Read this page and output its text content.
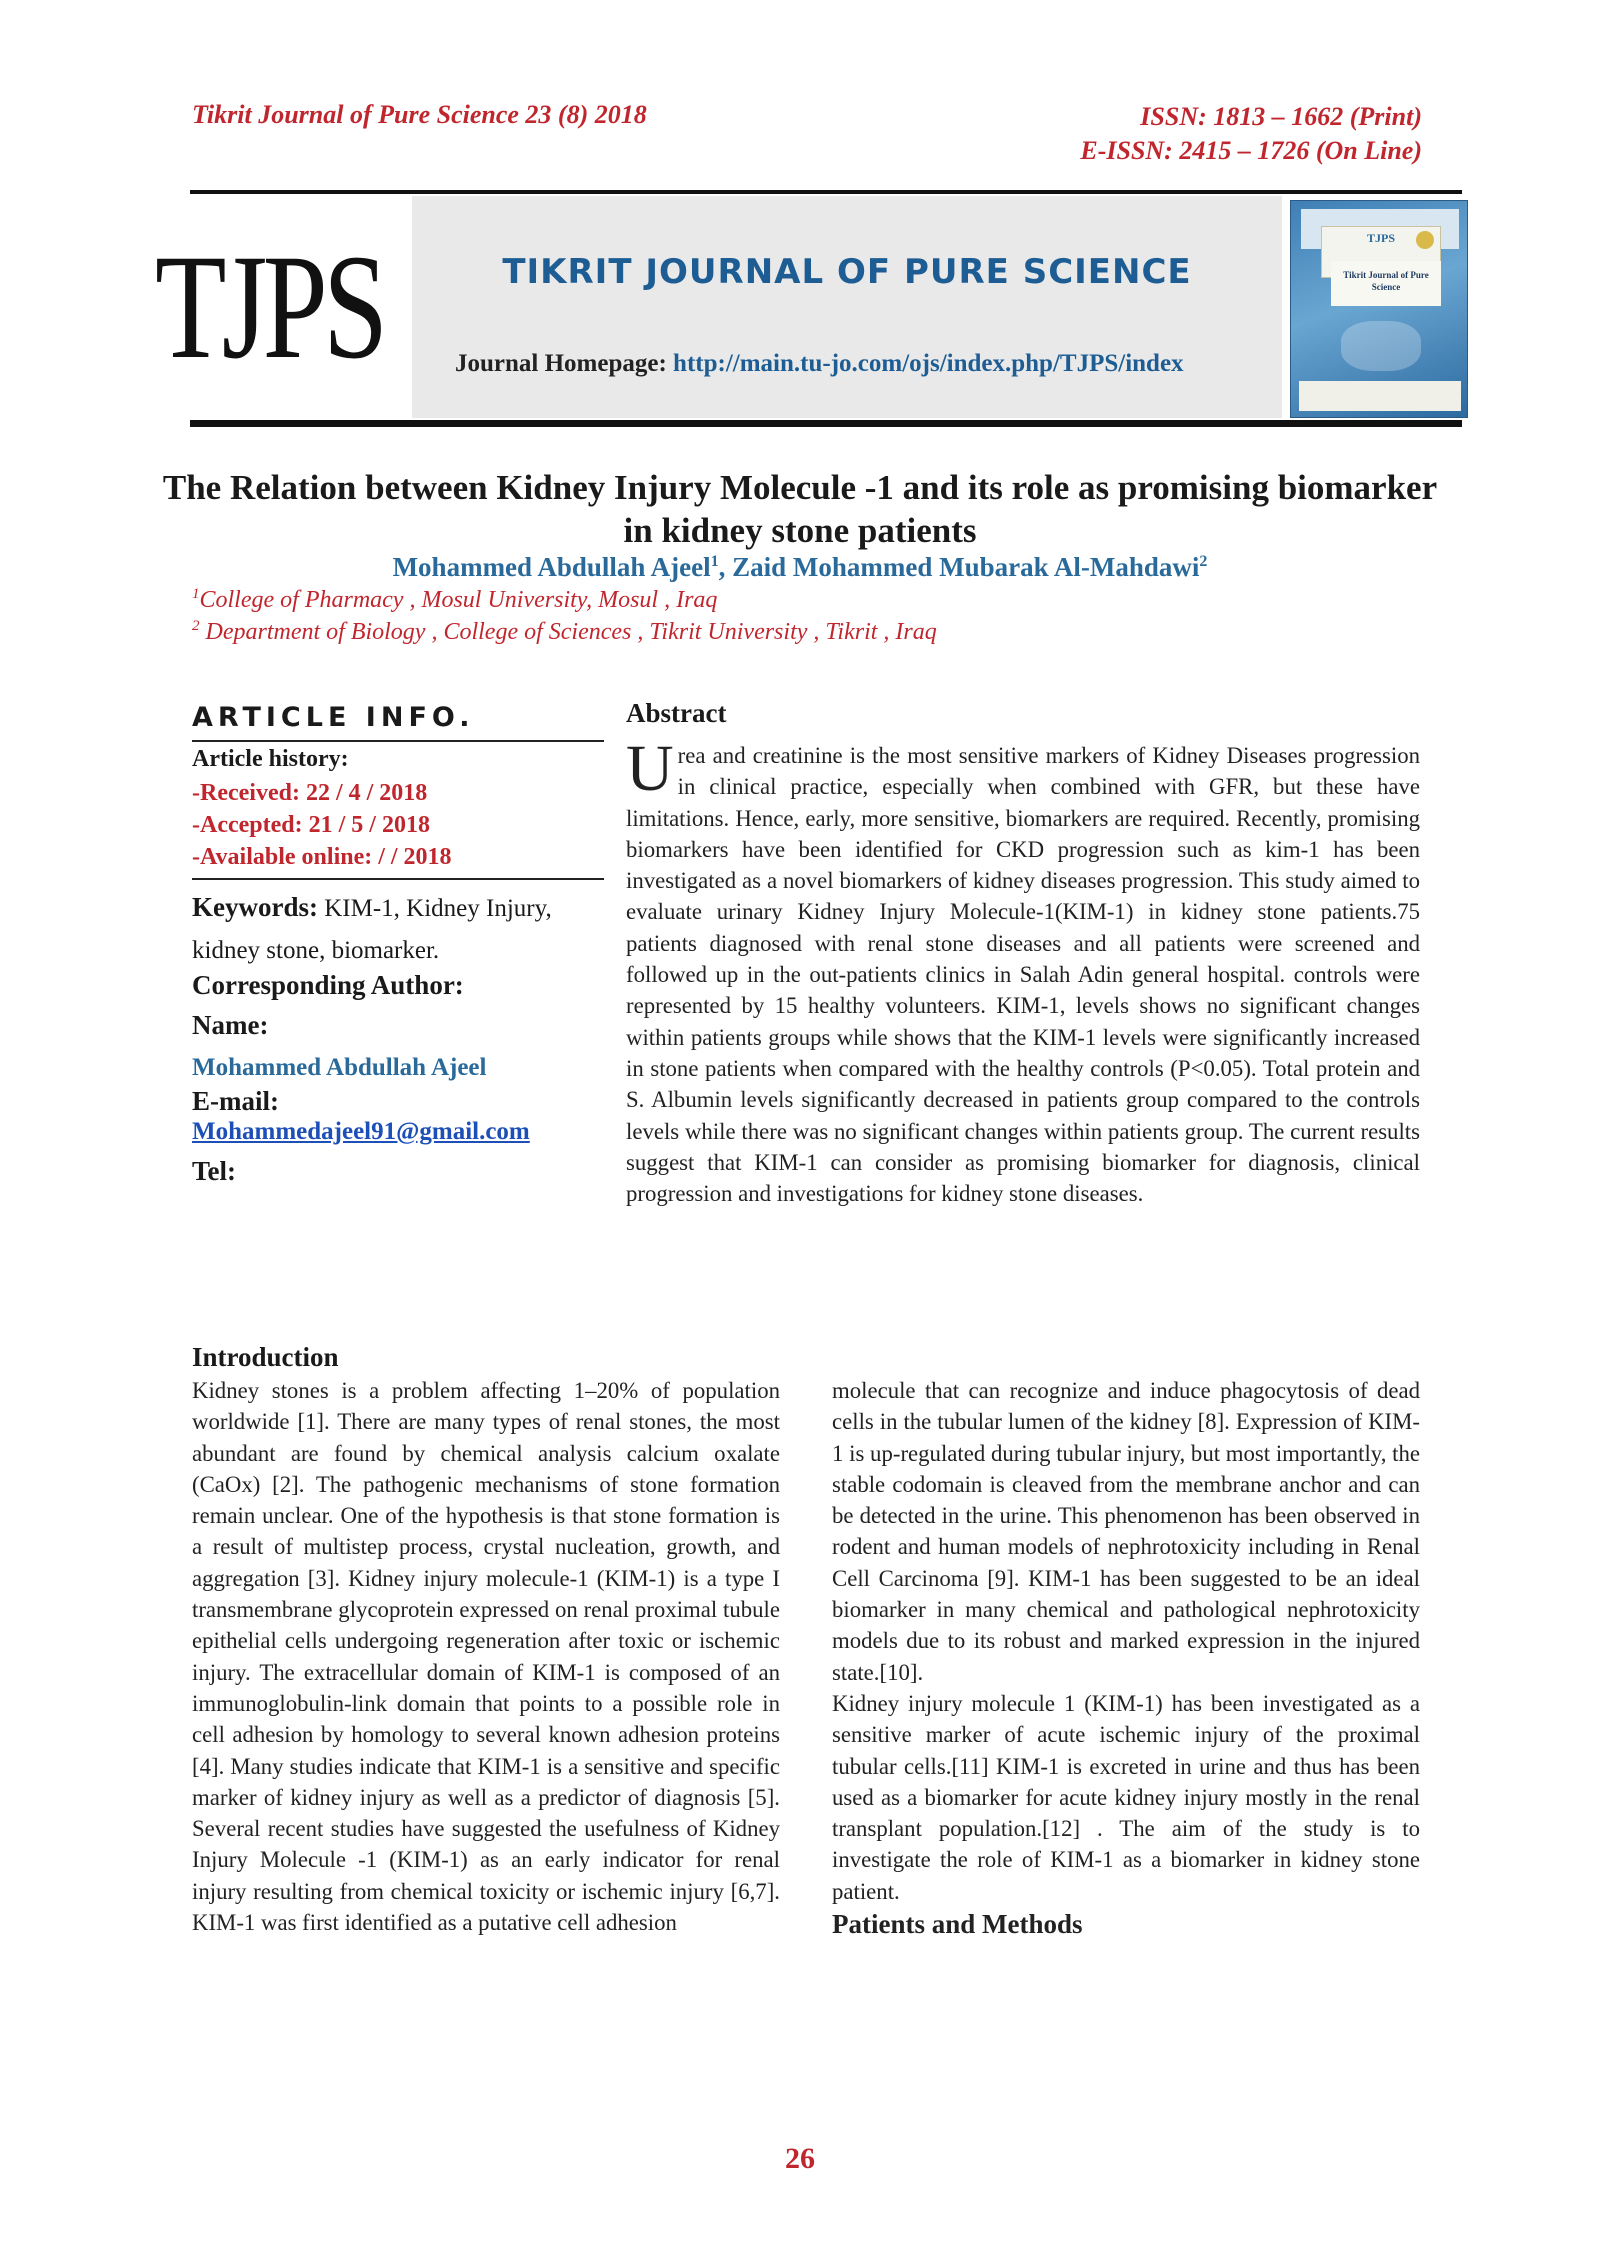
Tikrit Journal of Pure Science 23 (8) 2018	ISSN: 1813 – 1662 (Print)
E-ISSN: 2415 – 1726 (On Line)
TJPS	TIKRIT JOURNAL OF PURE SCIENCE
Journal Homepage: http://main.tu-jo.com/ojs/index.php/TJPS/index
TJPS
Tikrit Journal of Pure Science
The Relation between Kidney Injury Molecule -1 and its role as promising biomarker in kidney stone patients
Mohammed Abdullah Ajeel$^1$, Zaid Mohammed Mubarak Al-Mahdawi$^2$
$^1$College of Pharmacy , Mosul University, Mosul , Iraq
$^2$ Department of Biology , College of Sciences , Tikrit University , Tikrit , Iraq
ARTICLE INFO.
Article history:
-Received: 22 / 4 / 2018
-Accepted: 21 / 5 / 2018
-Available online: / / 2018
Keywords: KIM-1, Kidney Injury, kidney stone, biomarker.
Corresponding Author:
Name:
Mohammed Abdullah Ajeel
E-mail:
Mohammedajeel91@gmail.com
Tel:
Abstract
Urea and creatinine is the most sensitive markers of Kidney Diseases progression in clinical practice, especially when combined with GFR, but these have limitations. Hence, early, more sensitive, biomarkers are required. Recently, promising biomarkers have been identified for CKD progression such as kim-1 has been investigated as a novel biomarkers of kidney diseases progression. This study aimed to evaluate urinary Kidney Injury Molecule-1(KIM-1) in kidney stone patients.75 patients diagnosed with renal stone diseases and all patients were screened and followed up in the out-patients clinics in Salah Adin general hospital. controls were represented by 15 healthy volunteers. KIM-1, levels shows no significant changes within patients groups while shows that the KIM-1 levels were significantly increased in stone patients when compared with the healthy controls (P<0.05). Total protein and S. Albumin levels significantly decreased in patients group compared to the controls levels while there was no significant changes within patients group. The current results suggest that KIM-1 can consider as promising biomarker for diagnosis, clinical progression and investigations for kidney stone diseases.
Introduction
Kidney stones is a problem affecting 1–20% of population worldwide [1]. There are many types of renal stones, the most abundant are found by chemical analysis calcium oxalate (CaOx) [2]. The pathogenic mechanisms of stone formation remain unclear. One of the hypothesis is that stone formation is a result of multistep process, crystal nucleation, growth, and aggregation [3]. Kidney injury molecule-1 (KIM-1) is a type I transmembrane glycoprotein expressed on renal proximal tubule epithelial cells undergoing regeneration after toxic or ischemic injury. The extracellular domain of KIM-1 is composed of an immunoglobulin-link domain that points to a possible role in cell adhesion by homology to several known adhesion proteins [4]. Many studies indicate that KIM-1 is a sensitive and specific marker of kidney injury as well as a predictor of diagnosis [5]. Several recent studies have suggested the usefulness of Kidney Injury Molecule -1 (KIM-1) as an early indicator for renal injury resulting from chemical toxicity or ischemic injury [6,7]. KIM-1 was first identified as a putative cell adhesion

molecule that can recognize and induce phagocytosis of dead cells in the tubular lumen of the kidney [8]. Expression of KIM-1 is up-regulated during tubular injury, but most importantly, the stable codomain is cleaved from the membrane anchor and can be detected in the urine. This phenomenon has been observed in rodent and human models of nephrotoxicity including in Renal Cell Carcinoma [9]. KIM-1 has been suggested to be an ideal biomarker in many chemical and pathological nephrotoxicity models due to its robust and marked expression in the injured state.[10].

Kidney injury molecule 1 (KIM-1) has been investigated as a sensitive marker of acute ischemic injury of the proximal tubular cells.[11] KIM-1 is excreted in urine and thus has been used as a biomarker for acute kidney injury mostly in the renal transplant population.[12] . The aim of the study is to investigate the role of KIM-1 as a biomarker in kidney stone patient.

Patients and Methods
26
